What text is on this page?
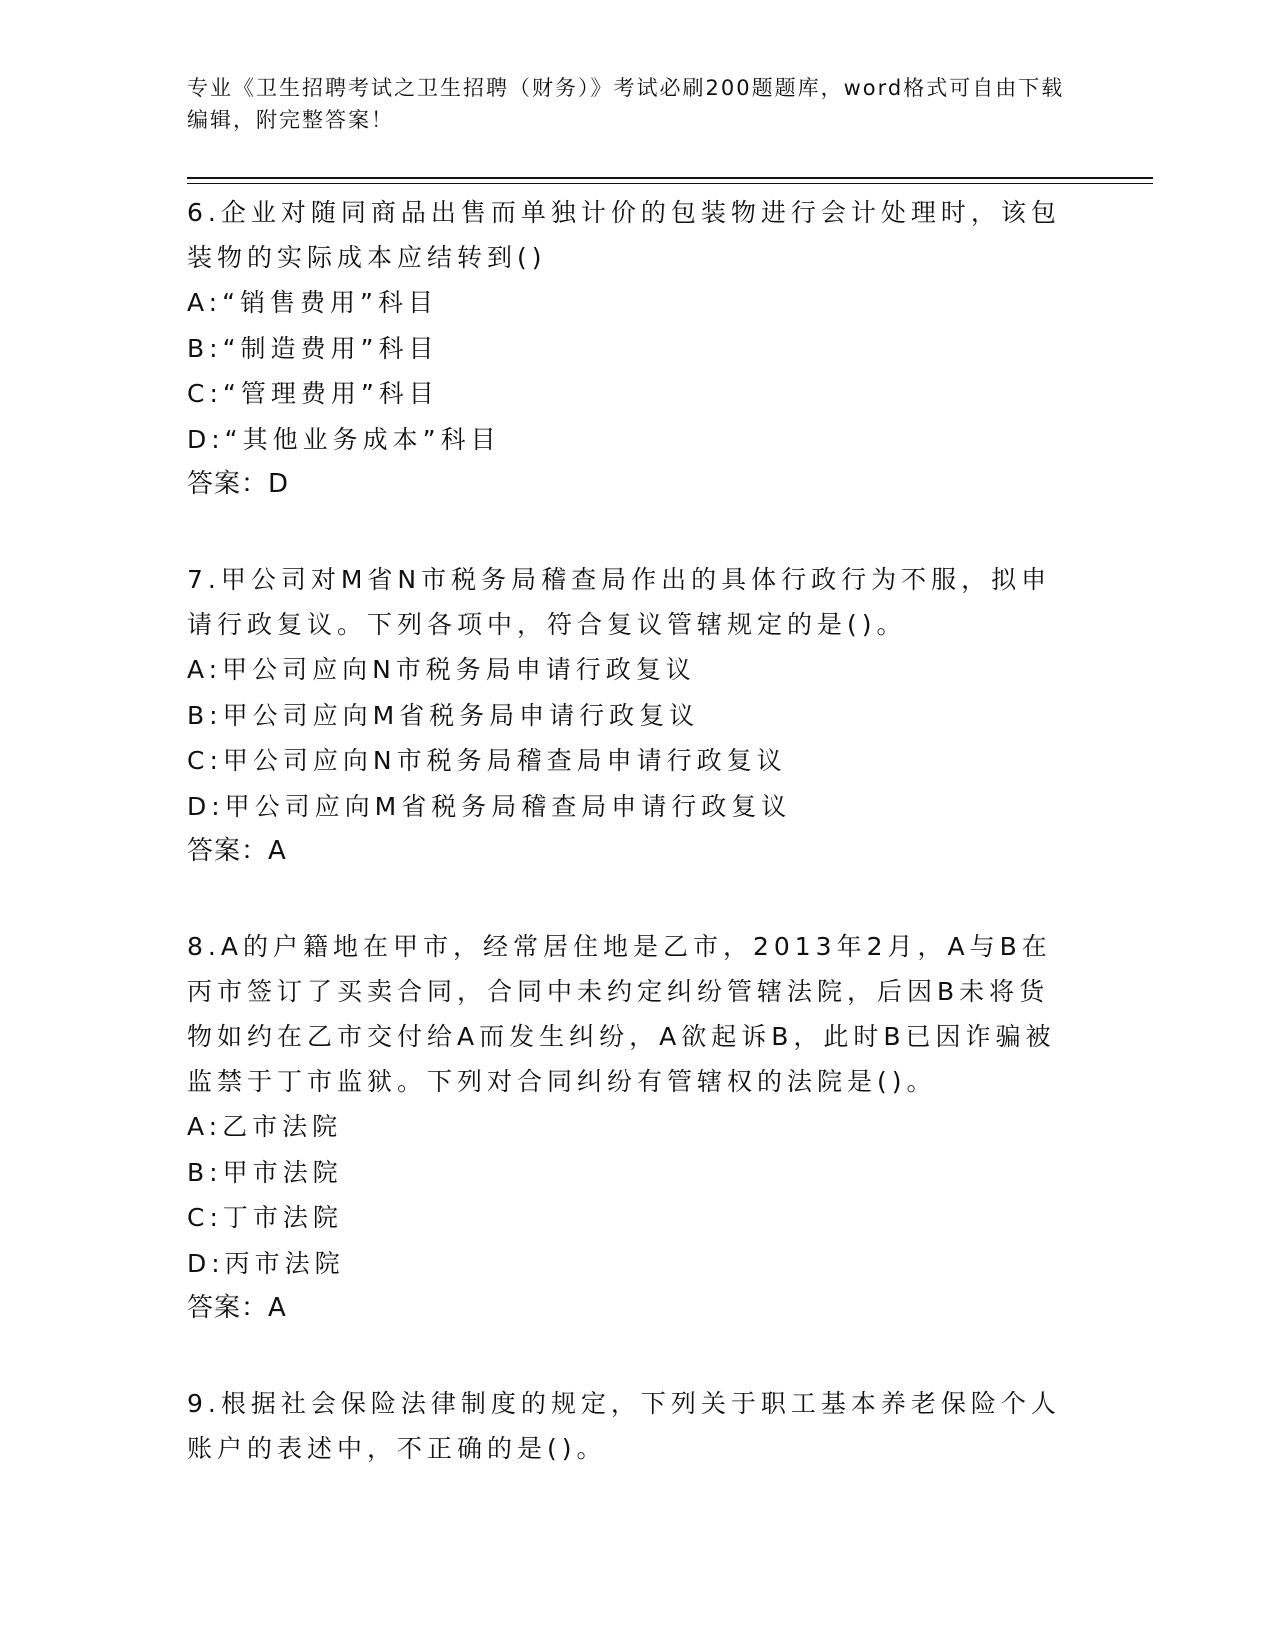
专业《卫生招聘考试之卫生招聘（财务）》考试必刷200题题库，word格式可自由下载编辑，附完整答案！
6.企业对随同商品出售而单独计价的包装物进行会计处理时，该包装物的实际成本应结转到()
A:“销售费用”科目
B:“制造费用”科目
C:“管理费用”科目
D:“其他业务成本”科目
答案：D
7.甲公司对M省N市税务局稽查局作出的具体行政行为不服，拟申请行政复议。下列各项中，符合复议管辖规定的是()。
A:甲公司应向N市税务局申请行政复议
B:甲公司应向M省税务局申请行政复议
C:甲公司应向N市税务局稽查局申请行政复议
D:甲公司应向M省税务局稽查局申请行政复议
答案：A
8.A的户籍地在甲市，经常居住地是乙市，2013年2月，A与B在丙市签订了买卖合同，合同中未约定纠纷管辖法院，后因B未将货物如约在乙市交付给A而发生纠纷，A欲起诉B，此时B已因诈骗被监禁于丁市监狱。下列对合同纠纷有管辖权的法院是()。
A:乙市法院
B:甲市法院
C:丁市法院
D:丙市法院
答案：A
9.根据社会保险法律制度的规定，下列关于职工基本养老保险个人账户的表述中，不正确的是()。
